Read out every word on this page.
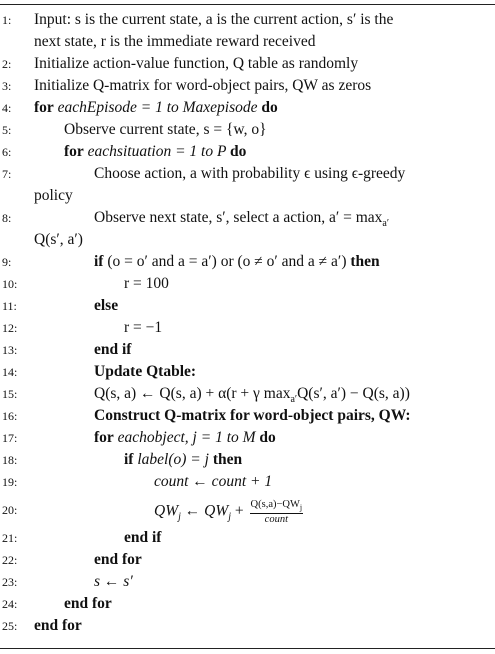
1: Input: s is the current state, a is the current action, s′ is the
next state, r is the immediate reward received
2: Initialize action-value function, Q table as randomly
3: Initialize Q-matrix for word-object pairs, QW as zeros
4: for eachEpisode = 1 to Maxepisode do
5:	Observe current state, s = {w, o}
6:	for eachsituation = 1 to P do
7:	Choose action, a with probability ϵ using ϵ-greedy
policy
8:	Observe next state, s′, select a action, $a' = \max_{a'}$
Q(s′, a′)
9:	if (o = o′ and a = a′) or (o ≠ o′ and a ≠ a′) then
10:	r = 100
11:	else
12:	r = −1
13:	end if
14:	Update Qtable:
15:	Q(s, a) ← Q(s, a) + α(r + γ $\max_{a'}Q(s'$, a′) − Q(s, a))
16:	Construct Q-matrix for word-object pairs, QW:
17:	for eachobject, j = 1 to M do
18:	if label(o) = j then
19:	count ← count + 1
20:	$QW_j$ ← $QW_j + \frac{Q(s,a)-QW_j}{\text{count}}$
21:	end if
22:	end for
23:	s ← s′
24:	end for
25: end for
